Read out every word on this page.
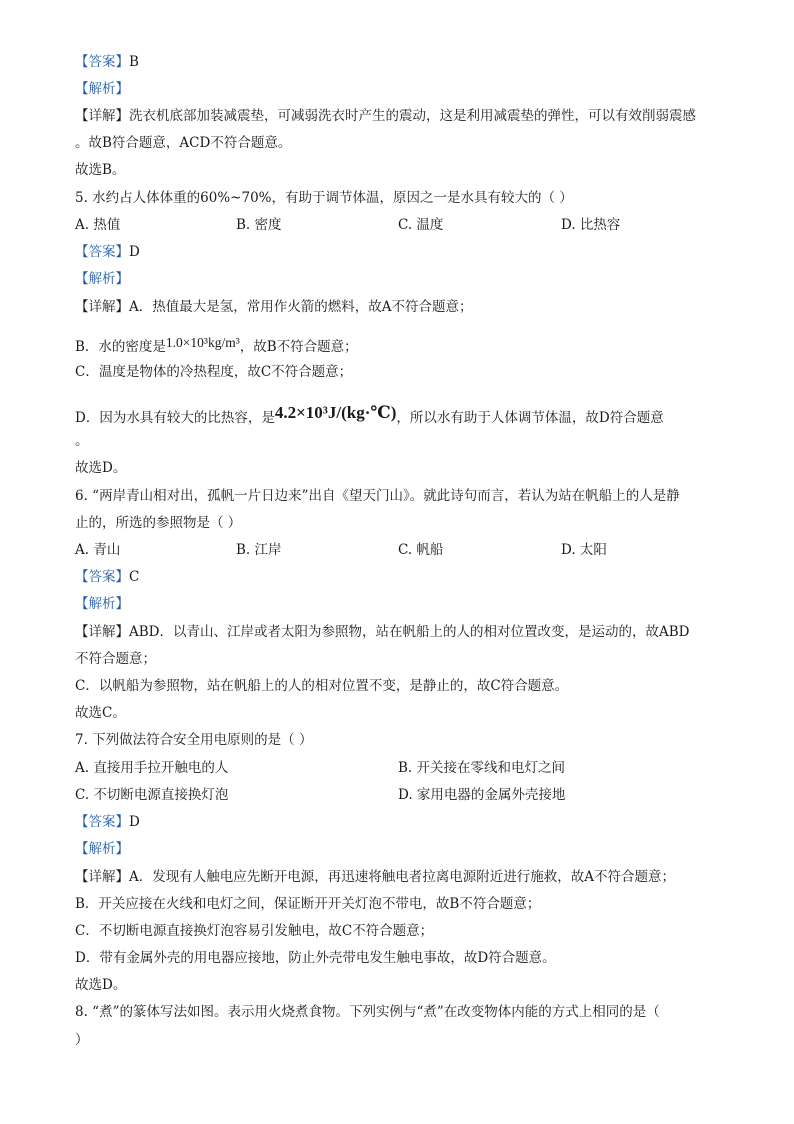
【答案】B
【解析】
【详解】洗衣机底部加装减震垫，可减弱洗衣时产生的震动，这是利用减震垫的弹性，可以有效削弱震感
。故B符合题意，ACD不符合题意。
故选B。
5. 水约占人体体重的60%~70%，有助于调节体温，原因之一是水具有较大的（ ）
A. 热值	B. 密度	C. 温度	D. 比热容
【答案】D
【解析】
【详解】A．热值最大是氢，常用作火箭的燃料，故A不符合题意；
B．水的密度是1.0×10³kg/m³，故B不符合题意；
C．温度是物体的冷热程度，故C不符合题意；
D．因为水具有较大的比热容，是4.2×10³J/(kg·℃)，所以水有助于人体调节体温，故D符合题意
。
故选D。
6. “两岸青山相对出，孤帆一片日边来”出自《望天门山》。就此诗句而言，若认为站在帆船上的人是静
止的，所选的参照物是（ ）
A. 青山	B. 江岸	C. 帆船	D. 太阳
【答案】C
【解析】
【详解】ABD．以青山、江岸或者太阳为参照物，站在帆船上的人的相对位置改变，是运动的，故ABD
不符合题意；
C．以帆船为参照物，站在帆船上的人的相对位置不变，是静止的，故C符合题意。
故选C。
7. 下列做法符合安全用电原则的是（ ）
A. 直接用手拉开触电的人	B. 开关接在零线和电灯之间
C. 不切断电源直接换灯泡	D. 家用电器的金属外壳接地
【答案】D
【解析】
【详解】A．发现有人触电应先断开电源，再迅速将触电者拉离电源附近进行施救，故A不符合题意；
B．开关应接在火线和电灯之间，保证断开开关灯泡不带电，故B不符合题意；
C．不切断电源直接换灯泡容易引发触电，故C不符合题意；
D．带有金属外壳的用电器应接地，防止外壳带电发生触电事故，故D符合题意。
故选D。
8. “煮”的篆体写法如图。表示用火烧煮食物。下列实例与“煮”在改变物体内能的方式上相同的是（
）
